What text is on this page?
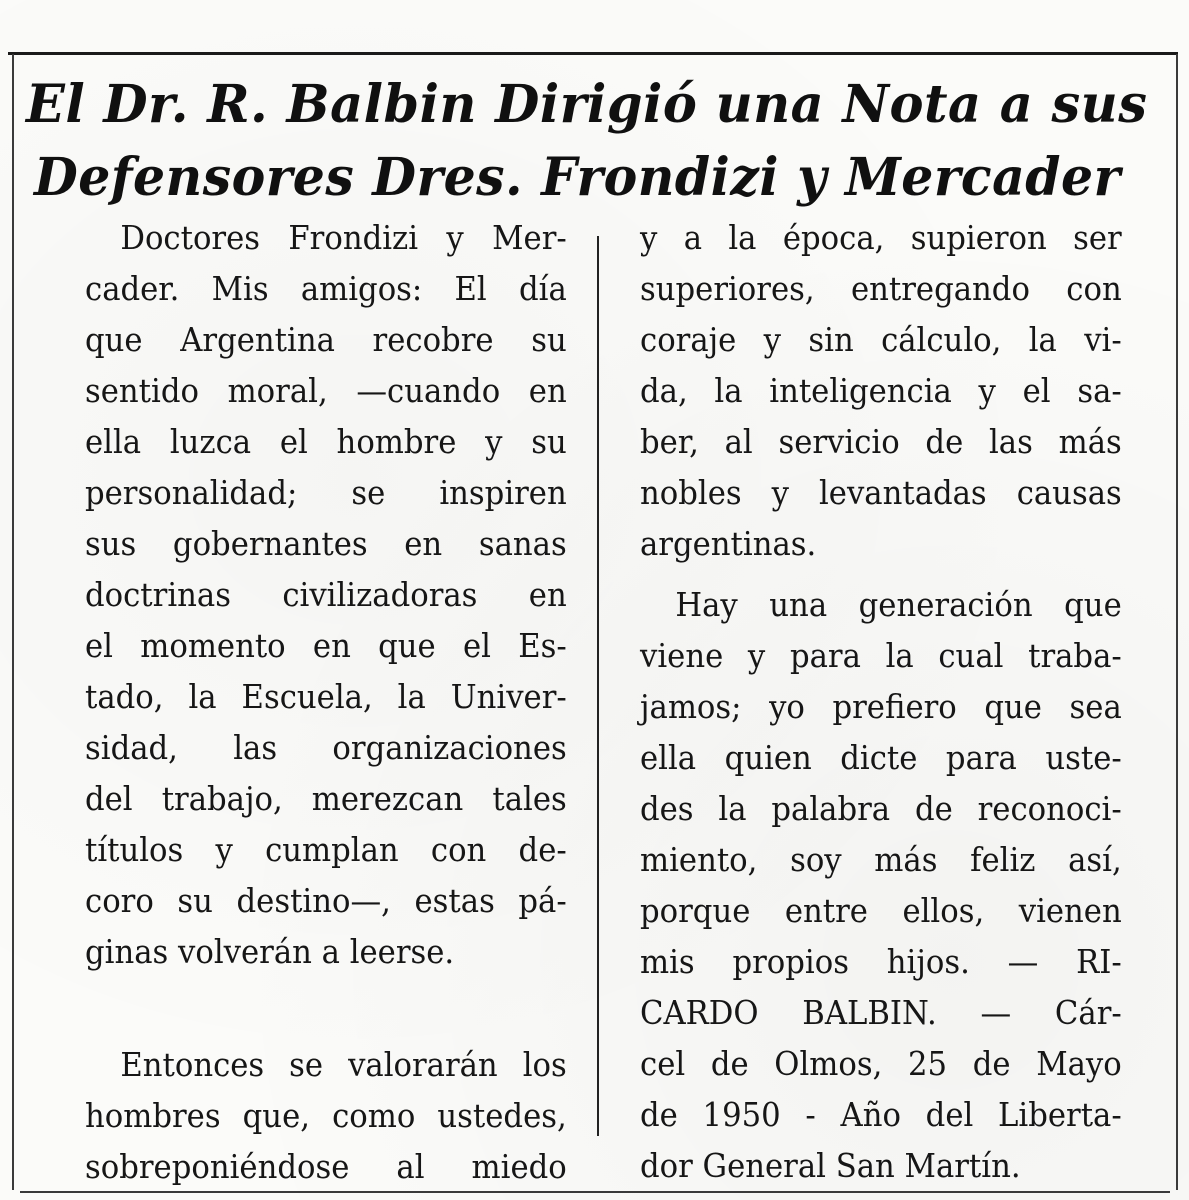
El Dr. R. Balbin Dirigió una Nota a sus
Defensores Dres. Frondizi y Mercader
Doctores Frondizi y Mer-
cader. Mis amigos: El día
que Argentina recobre su
sentido moral, —cuando en
ella luzca el hombre y su
personalidad; se inspiren
sus gobernantes en sanas
doctrinas civilizadoras en
el momento en que el Es-
tado, la Escuela, la Univer-
sidad, las organizaciones
del trabajo, merezcan tales
títulos y cumplan con de-
coro su destino—, estas pá-
ginas volverán a leerse.
Entonces se valorarán los
hombres que, como ustedes,
sobreponiéndose al miedo
y a la época, supieron ser
superiores, entregando con
coraje y sin cálculo, la vi-
da, la inteligencia y el sa-
ber, al servicio de las más
nobles y levantadas causas
argentinas.
Hay una generación que
viene y para la cual traba-
jamos; yo prefiero que sea
ella quien dicte para uste-
des la palabra de reconoci-
miento, soy más feliz así,
porque entre ellos, vienen
mis propios hijos. — RI-
CARDO BALBIN. — Cár-
cel de Olmos, 25 de Mayo
de 1950 - Año del Liberta-
dor General San Martín.
